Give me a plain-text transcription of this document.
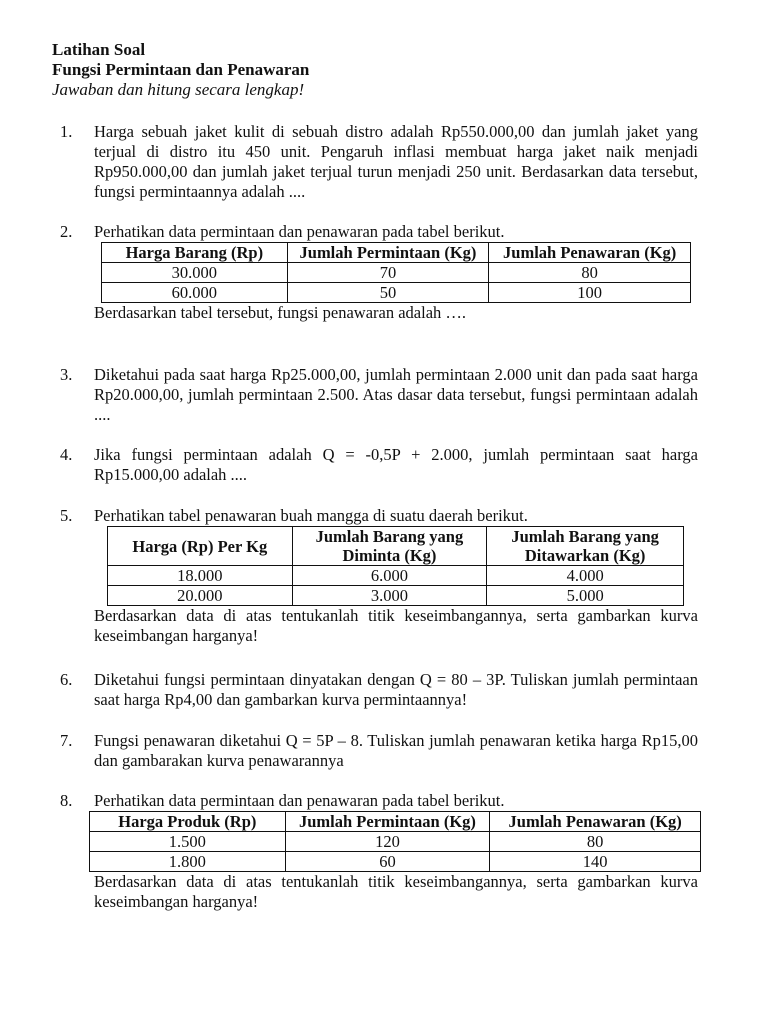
Latihan Soal
Fungsi Permintaan dan Penawaran
Jawaban dan hitung secara lengkap!
1.	Harga sebuah jaket kulit di sebuah distro adalah Rp550.000,00 dan jumlah jaket yang terjual di distro itu 450 unit. Pengaruh inflasi membuat harga jaket naik menjadi Rp950.000,00 dan jumlah jaket terjual turun menjadi 250 unit. Berdasarkan data tersebut, fungsi permintaannya adalah ....
2.	Perhatikan data permintaan dan penawaran pada tabel berikut.
Harga Barang (Rp)	Jumlah Permintaan (Kg)	Jumlah Penawaran (Kg)
30.000	70	80
60.000	50	100
Berdasarkan tabel tersebut, fungsi penawaran adalah ….
3.	Diketahui pada saat harga Rp25.000,00, jumlah permintaan 2.000 unit dan pada saat harga Rp20.000,00, jumlah permintaan 2.500. Atas dasar data tersebut, fungsi permintaan adalah ....
4.	Jika fungsi permintaan adalah Q = -0,5P + 2.000, jumlah permintaan saat harga Rp15.000,00 adalah ....
5.	Perhatikan tabel penawaran buah mangga di suatu daerah berikut.
Harga (Rp) Per Kg	Jumlah Barang yang Diminta (Kg)	Jumlah Barang yang Ditawarkan (Kg)
18.000	6.000	4.000
20.000	3.000	5.000
Berdasarkan data di atas tentukanlah titik keseimbangannya, serta gambarkan kurva keseimbangan harganya!
6.	Diketahui fungsi permintaan dinyatakan dengan Q = 80 – 3P. Tuliskan jumlah permintaan saat harga Rp4,00 dan gambarkan kurva permintaannya!
7.	Fungsi penawaran diketahui Q = 5P – 8. Tuliskan jumlah penawaran ketika harga Rp15,00 dan gambarakan kurva penawarannya
8.	Perhatikan data permintaan dan penawaran pada tabel berikut.
Harga Produk (Rp)	Jumlah Permintaan (Kg)	Jumlah Penawaran (Kg)
1.500	120	80
1.800	60	140
Berdasarkan data di atas tentukanlah titik keseimbangannya, serta gambarkan kurva keseimbangan harganya!
